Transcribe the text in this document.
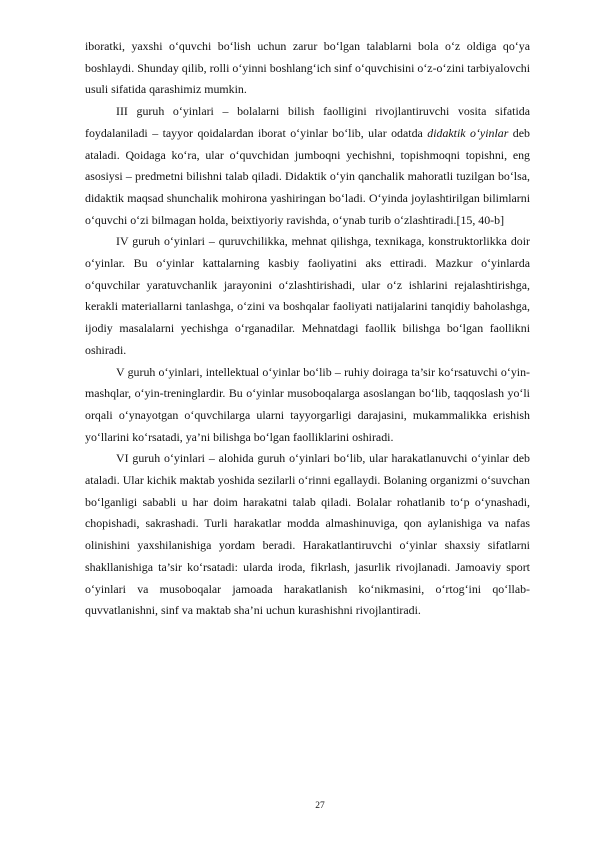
iboratki, yaxshi o‘quvchi bo‘lish uchun zarur bo‘lgan talablarni bola o‘z oldiga qo‘ya boshlaydi. Shunday qilib, rolli o‘yinni boshlang‘ich sinf o‘quvchisini o‘z-o‘zini tarbiyalovchi usuli sifatida qarashimiz mumkin.

III guruh o‘yinlari – bolalarni bilish faolligini rivojlantiruvchi vosita sifatida foydalaniladi – tayyor qoidalardan iborat o‘yinlar bo‘lib, ular odatda didaktik o‘yinlar deb ataladi. Qoidaga ko‘ra, ular o‘quvchidan jumboqni yechishni, topishmoqni topishni, eng asosiysi – predmetni bilishni talab qiladi. Didaktik o‘yin qanchalik mahoratli tuzilgan bo‘lsa, didaktik maqsad shunchalik mohirona yashiringan bo‘ladi. O‘yinda joylashtirilgan bilimlarni o‘quvchi o‘zi bilmagan holda, beixtiyoriy ravishda, o‘ynab turib o‘zlashtiradi.[15, 40-b]

IV guruh o‘yinlari – quruvchilikka, mehnat qilishga, texnikaga, konstruktorlikka doir o‘yinlar. Bu o‘yinlar kattalarning kasbiy faoliyatini aks ettiradi. Mazkur o‘yinlarda o‘quvchilar yaratuvchanlik jarayonini o‘zlashtirishadi, ular o‘z ishlarini rejalashtirishga, kerakli materiallarni tanlashga, o‘zini va boshqalar faoliyati natijalarini tanqidiy baholashga, ijodiy masalalarni yechishga o‘rganadilar. Mehnatdagi faollik bilishga bo‘lgan faollikni oshiradi.

V guruh o‘yinlari, intellektual o‘yinlar bo‘lib – ruhiy doiraga ta’sir ko‘rsatuvchi o‘yin-mashqlar, o‘yin-treninglardir. Bu o‘yinlar musoboqalarga asoslangan bo‘lib, taqqoslash yo‘li orqali o‘ynayotgan o‘quvchilarga ularni tayyorgarligi darajasini, mukammalikka erishish yo‘llarini ko‘rsatadi, ya’ni bilishga bo‘lgan faolliklarini oshiradi.

VI guruh o‘yinlari – alohida guruh o‘yinlari bo‘lib, ular harakatlanuvchi o‘yinlar deb ataladi. Ular kichik maktab yoshida sezilarli o‘rinni egallaydi. Bolaning organizmi o‘suvchan bo‘lganligi sababli u har doim harakatni talab qiladi. Bolalar rohatlanib to‘p o‘ynashadi, chopishadi, sakrashadi. Turli harakatlar modda almashinuviga, qon aylanishiga va nafas olinishini yaxshilanishiga yordam beradi. Harakatlantiruvchi o‘yinlar shaxsiy sifatlarni shakllanishiga ta’sir ko‘rsatadi: ularda iroda, fikrlash, jasurlik rivojlanadi. Jamoaviy sport o‘yinlari va musoboqalar jamoada harakatlanish ko‘nikmasini, o‘rtog‘ini qo‘llab-quvvatlanishni, sinf va maktab sha’ni uchun kurashishni rivojlantiradi.

27
